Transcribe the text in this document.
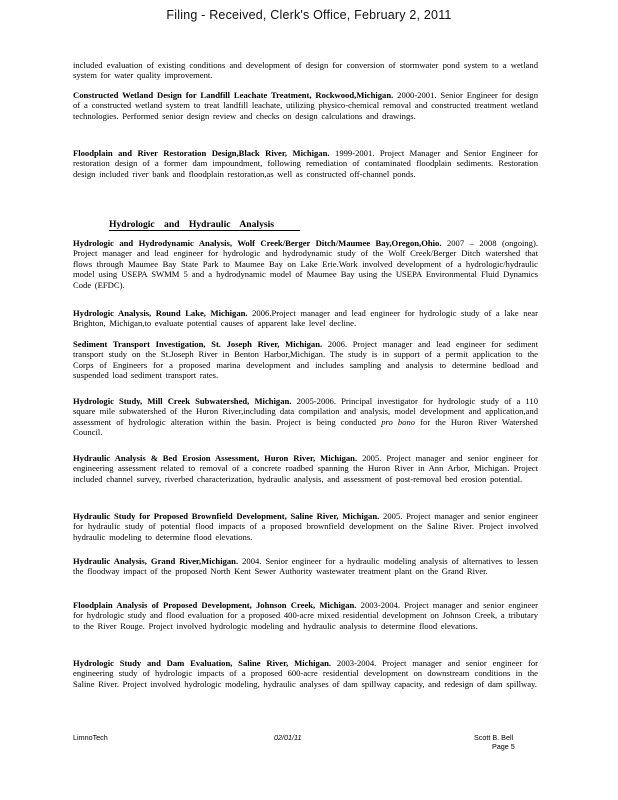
Filing - Received, Clerk's Office, February 2, 2011
included evaluation of existing conditions and development of design for conversion of stormwater pond system to a wetland system for water quality improvement.
Constructed Wetland Design for Landfill Leachate Treatment, Rockwood,Michigan. 2000-2001. Senior Engineer for design of a constructed wetland system to treat landfill leachate, utilizing physico-chemical removal and constructed treatment wetland technologies. Performed senior design review and checks on design calculations and drawings.
Floodplain and River Restoration Design,Black River, Michigan. 1999-2001. Project Manager and Senior Engineer for restoration design of a former dam impoundment, following remediation of contaminated floodplain sediments. Restoration design included river bank and floodplain restoration,as well as constructed off-channel ponds.
Hydrologic and Hydraulic Analysis
Hydrologic and Hydrodynamic Analysis, Wolf Creek/Berger Ditch/Maumee Bay,Oregon,Ohio. 2007 – 2008 (ongoing). Project manager and lead engineer for hydrologic and hydrodynamic study of the Wolf Creek/Berger Ditch watershed that flows through Maumee Bay State Park to Maumee Bay on Lake Erie.Work involved development of a hydrologic/hydraulic model using USEPA SWMM 5 and a hydrodynamic model of Maumee Bay using the USEPA Environmental Fluid Dynamics Code (EFDC).
Hydrologic Analysis, Round Lake, Michigan. 2006.Project manager and lead engineer for hydrologic study of a lake near Brighton, Michigan,to evaluate potential causes of apparent lake level decline.
Sediment Transport Investigation, St. Joseph River, Michigan. 2006. Project manager and lead engineer for sediment transport study on the St.Joseph River in Benton Harbor,Michigan. The study is in support of a permit application to the Corps of Engineers for a proposed marina development and includes sampling and analysis to determine bedload and suspended load sediment transport rates.
Hydrologic Study, Mill Creek Subwatershed, Michigan. 2005-2006. Principal investigator for hydrologic study of a 110 square mile subwatershed of the Huron River,including data compilation and analysis, model development and application,and assessment of hydrologic alteration within the basin. Project is being conducted pro bono for the Huron River Watershed Council.
Hydraulic Analysis & Bed Erosion Assessment, Huron River, Michigan. 2005. Project manager and senior engineer for engineering assessment related to removal of a concrete roadbed spanning the Huron River in Ann Arbor, Michigan. Project included channel survey, riverbed characterization, hydraulic analysis, and assessment of post-removal bed erosion potential.
Hydraulic Study for Proposed Brownfield Development, Saline River, Michigan. 2005. Project manager and senior engineer for hydraulic study of potential flood impacts of a proposed brownfield development on the Saline River. Project involved hydraulic modeling to determine flood elevations.
Hydraulic Analysis, Grand River,Michigan. 2004. Senior engineer for a hydraulic modeling analysis of alternatives to lessen the floodway impact of the proposed North Kent Sewer Authority wastewater treatment plant on the Grand River.
Floodplain Analysis of Proposed Development, Johnson Creek, Michigan. 2003-2004. Project manager and senior engineer for hydrologic study and flood evaluation for a proposed 400-acre mixed residential development on Johnson Creek, a tributary to the River Rouge. Project involved hydrologic modeling and hydraulic analysis to determine flood elevations.
Hydrologic Study and Dam Evaluation, Saline River, Michigan. 2003-2004. Project manager and senior engineer for engineering study of hydrologic impacts of a proposed 600-acre residential development on downstream conditions in the Saline River. Project involved hydrologic modeling, hydraulic analyses of dam spillway capacity, and redesign of dam spillway.
LimnoTech	02/01/11	Scott B. Bell
Page 5
